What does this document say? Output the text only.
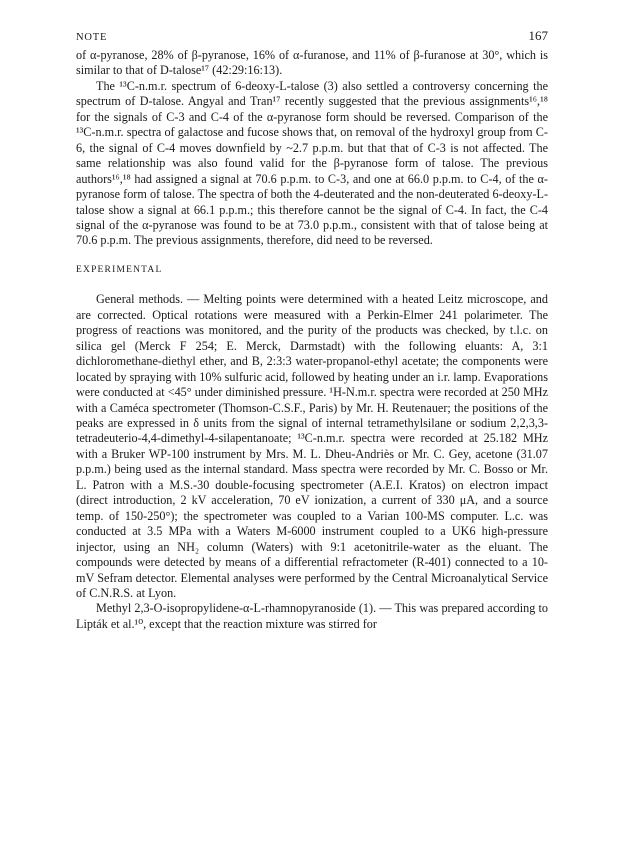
NOTE	167

of α-pyranose, 28% of β-pyranose, 16% of α-furanose, and 11% of β-furanose at 30°, which is similar to that of D-talose¹⁷ (42:29:16:13).

The ¹³C-n.m.r. spectrum of 6-deoxy-L-talose (3) also settled a controversy concerning the spectrum of D-talose. Angyal and Tran¹⁷ recently suggested that the previous assignments¹⁶,¹⁸ for the signals of C-3 and C-4 of the α-pyranose form should be reversed. Comparison of the ¹³C-n.m.r. spectra of galactose and fucose shows that, on removal of the hydroxyl group from C-6, the signal of C-4 moves downfield by ~2.7 p.p.m. but that that of C-3 is not affected. The same relationship was also found valid for the β-pyranose form of talose. The previous authors¹⁶,¹⁸ had assigned a signal at 70.6 p.p.m. to C-3, and one at 66.0 p.p.m. to C-4, of the α-pyranose form of talose. The spectra of both the 4-deuterated and the non-deuterated 6-deoxy-L-talose show a signal at 66.1 p.p.m.; this therefore cannot be the signal of C-4. In fact, the C-4 signal of the α-pyranose was found to be at 73.0 p.p.m., consistent with that of talose being at 70.6 p.p.m. The previous assignments, therefore, did need to be reversed.

EXPERIMENTAL

General methods. — Melting points were determined with a heated Leitz microscope, and are corrected. Optical rotations were measured with a Perkin-Elmer 241 polarimeter. The progress of reactions was monitored, and the purity of the products was checked, by t.l.c. on silica gel (Merck F 254; E. Merck, Darmstadt) with the following eluants: A, 3:1 dichloromethane-diethyl ether, and B, 2:3:3 water-propanol-ethyl acetate; the components were located by spraying with 10% sulfuric acid, followed by heating under an i.r. lamp. Evaporations were conducted at <45° under diminished pressure. ¹H-N.m.r. spectra were recorded at 250 MHz with a Caméca spectrometer (Thomson-C.S.F., Paris) by Mr. H. Reutenauer; the positions of the peaks are expressed in δ units from the signal of internal tetramethylsilane or sodium 2,2,3,3-tetradeuterio-4,4-dimethyl-4-silapentanoate; ¹³C-n.m.r. spectra were recorded at 25.182 MHz with a Bruker WP-100 instrument by Mrs. M. L. Dheu-Andriès or Mr. C. Gey, acetone (31.07 p.p.m.) being used as the internal standard. Mass spectra were recorded by Mr. C. Bosso or Mr. L. Patron with a M.S.-30 double-focusing spectrometer (A.E.I. Kratos) on electron impact (direct introduction, 2 kV acceleration, 70 eV ionization, a current of 330 μA, and a source temp. of 150-250°); the spectrometer was coupled to a Varian 100-MS computer. L.c. was conducted at 3.5 MPa with a Waters M-6000 instrument coupled to a UK6 high-pressure injector, using an NH₂ column (Waters) with 9:1 acetonitrile-water as the eluant. The compounds were detected by means of a differential refractometer (R-401) connected to a 10-mV Sefram detector. Elemental analyses were performed by the Central Microanalytical Service of C.N.R.S. at Lyon.

Methyl 2,3-O-isopropylidene-α-L-rhamnopyranoside (1). — This was prepared according to Lipták et al.¹⁰, except that the reaction mixture was stirred for
